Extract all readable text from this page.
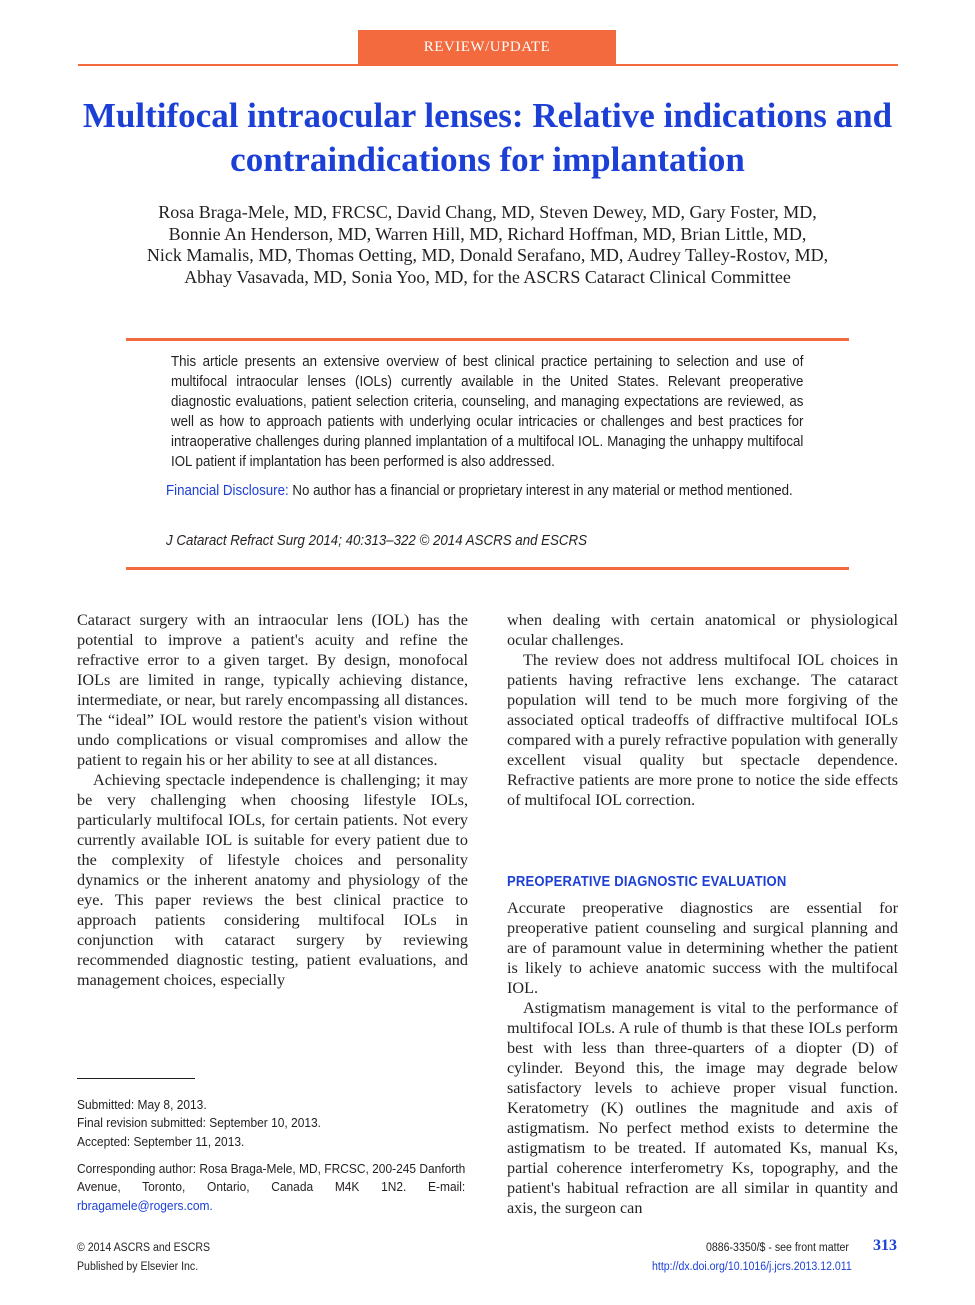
REVIEW/UPDATE
Multifocal intraocular lenses: Relative indications and contraindications for implantation
Rosa Braga-Mele, MD, FRCSC, David Chang, MD, Steven Dewey, MD, Gary Foster, MD,
Bonnie An Henderson, MD, Warren Hill, MD, Richard Hoffman, MD, Brian Little, MD,
Nick Mamalis, MD, Thomas Oetting, MD, Donald Serafano, MD, Audrey Talley-Rostov, MD,
Abhay Vasavada, MD, Sonia Yoo, MD, for the ASCRS Cataract Clinical Committee

This article presents an extensive overview of best clinical practice pertaining to selection and use of multifocal intraocular lenses (IOLs) currently available in the United States. Relevant preoperative diagnostic evaluations, patient selection criteria, counseling, and managing expectations are reviewed, as well as how to approach patients with underlying ocular intricacies or challenges and best practices for intraoperative challenges during planned implantation of a multifocal IOL. Managing the unhappy multifocal IOL patient if implantation has been performed is also addressed.

Financial Disclosure: No author has a financial or proprietary interest in any material or method mentioned.

J Cataract Refract Surg 2014; 40:313–322 © 2014 ASCRS and ESCRS

Cataract surgery with an intraocular lens (IOL) has the potential to improve a patient's acuity and refine the refractive error to a given target. By design, monofocal IOLs are limited in range, typically achieving distance, intermediate, or near, but rarely encompassing all distances. The “ideal” IOL would restore the patient's vision without undo complications or visual compromises and allow the patient to regain his or her ability to see at all distances.

Achieving spectacle independence is challenging; it may be very challenging when choosing lifestyle IOLs, particularly multifocal IOLs, for certain patients. Not every currently available IOL is suitable for every patient due to the complexity of lifestyle choices and personality dynamics or the inherent anatomy and physiology of the eye. This paper reviews the best clinical practice to approach patients considering multifocal IOLs in conjunction with cataract surgery by reviewing recommended diagnostic testing, patient evaluations, and management choices, especially

when dealing with certain anatomical or physiological ocular challenges.

The review does not address multifocal IOL choices in patients having refractive lens exchange. The cataract population will tend to be much more forgiving of the associated optical tradeoffs of diffractive multifocal IOLs compared with a purely refractive population with generally excellent visual quality but spectacle dependence. Refractive patients are more prone to notice the side effects of multifocal IOL correction.

PREOPERATIVE DIAGNOSTIC EVALUATION

Accurate preoperative diagnostics are essential for preoperative patient counseling and surgical planning and are of paramount value in determining whether the patient is likely to achieve anatomic success with the multifocal IOL.

Astigmatism management is vital to the performance of multifocal IOLs. A rule of thumb is that these IOLs perform best with less than three-quarters of a diopter (D) of cylinder. Beyond this, the image may degrade below satisfactory levels to achieve proper visual function. Keratometry (K) outlines the magnitude and axis of astigmatism. No perfect method exists to determine the astigmatism to be treated. If automated Ks, manual Ks, partial coherence interferometry Ks, topography, and the patient's habitual refraction are all similar in quantity and axis, the surgeon can

Submitted: May 8, 2013.
Final revision submitted: September 10, 2013.
Accepted: September 11, 2013.
Corresponding author: Rosa Braga-Mele, MD, FRCSC, 200-245 Danforth Avenue, Toronto, Ontario, Canada M4K 1N2. E-mail: rbragamele@rogers.com.
© 2014 ASCRS and ESCRS
Published by Elsevier Inc.
0886-3350/$ - see front matter
http://dx.doi.org/10.1016/j.jcrs.2013.12.011
313
